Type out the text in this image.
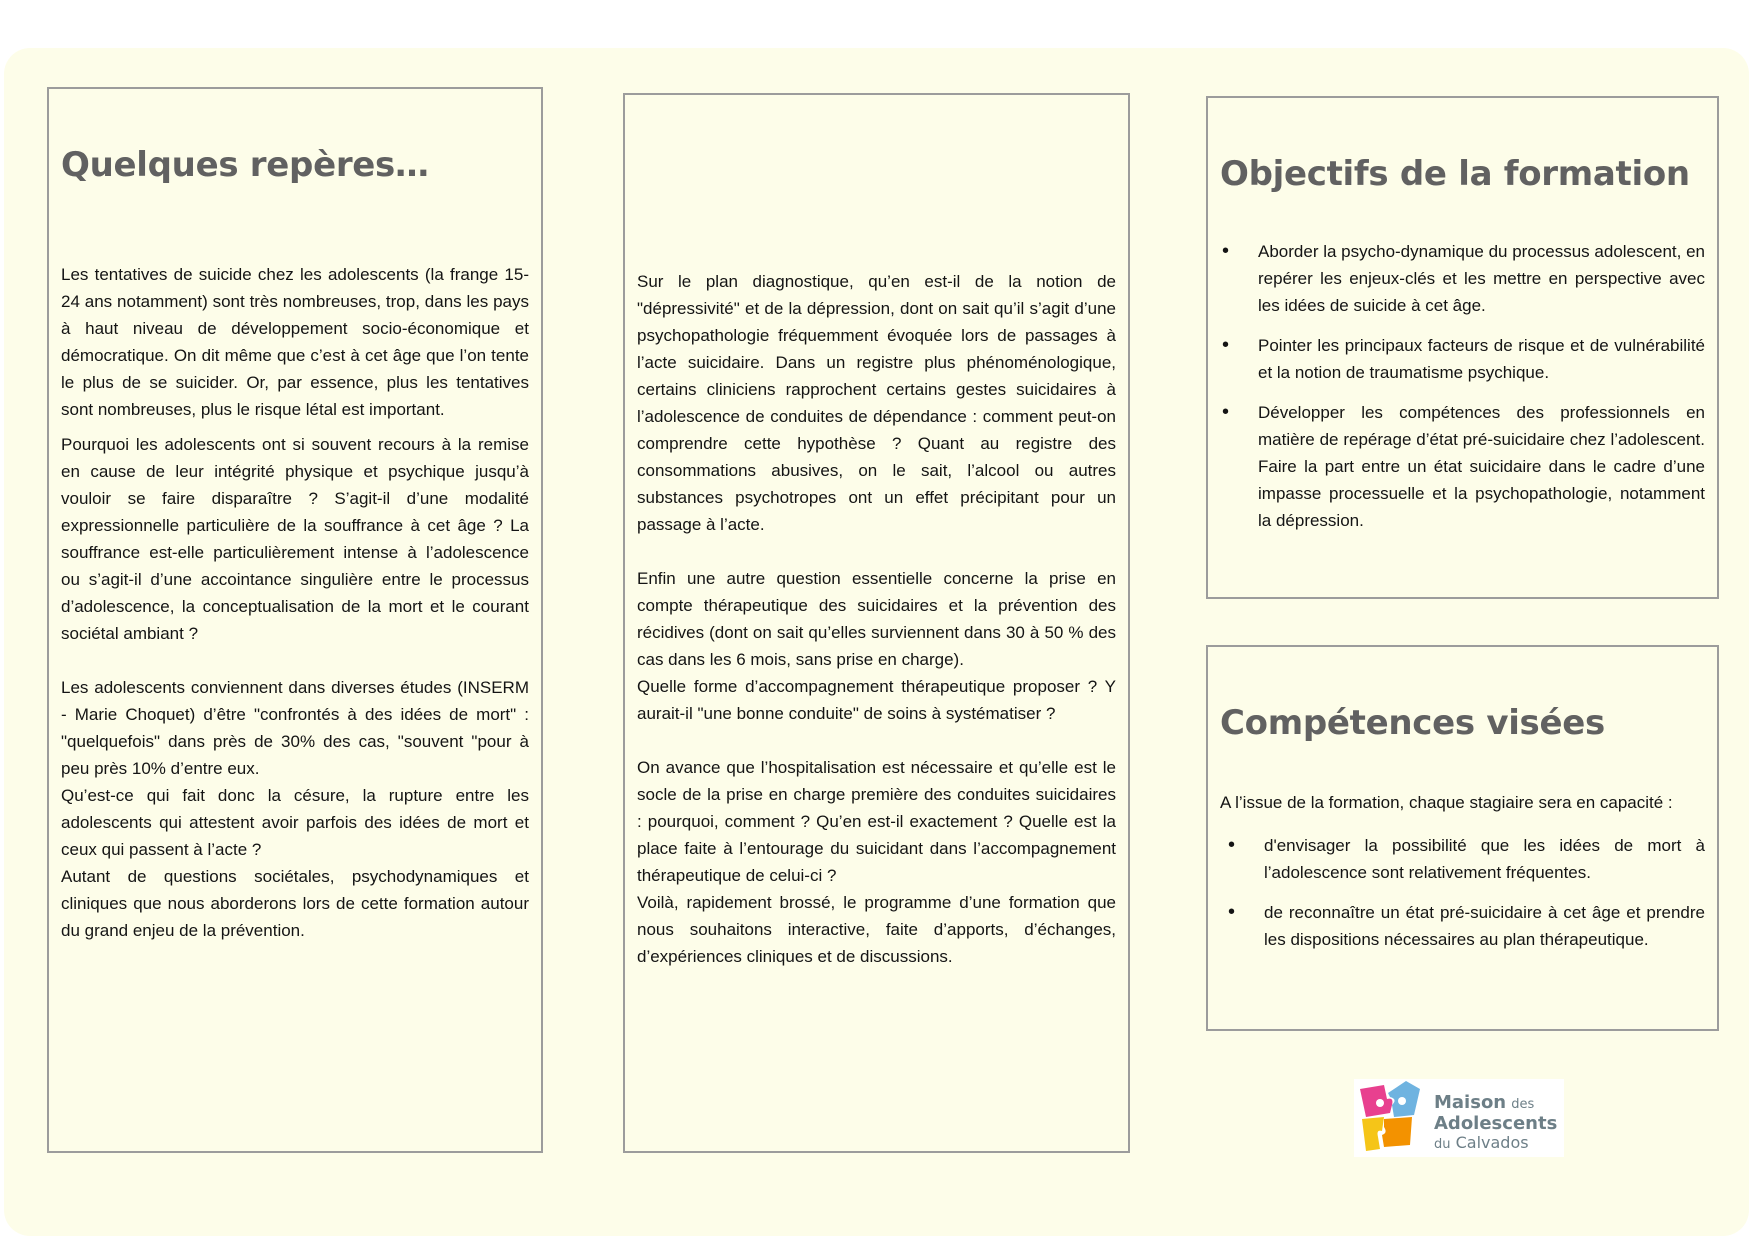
Quelques repères…

Les tentatives de suicide chez les adolescents (la frange 15-24 ans notamment) sont très nombreuses, trop, dans les pays à haut niveau de développement socio-économique et démocratique. On dit même que c’est à cet âge que l’on tente le plus de se suicider. Or, par essence, plus les tentatives sont nombreuses, plus le risque létal est important.

Pourquoi les adolescents ont si souvent recours à la remise en cause de leur intégrité physique et psychique jusqu’à vouloir se faire disparaître ? S’agit-il d’une modalité expressionnelle particulière de la souffrance à cet âge ? La souffrance est-elle particulièrement intense à l’adolescence ou s’agit-il d’une accointance singulière entre le processus d’adolescence, la conceptualisation de la mort et le courant sociétal ambiant ?

Les adolescents conviennent dans diverses études (INSERM - Marie Choquet) d’être "confrontés à des idées de mort" : "quelquefois" dans près de 30% des cas, "souvent "pour à peu près 10% d’entre eux.

Qu’est-ce qui fait donc la césure, la rupture entre les adolescents qui attestent avoir parfois des idées de mort et ceux qui passent à l’acte ?

Autant de questions sociétales, psychodynamiques et cliniques que nous aborderons lors de cette formation autour du grand enjeu de la prévention.

Sur le plan diagnostique, qu’en est-il de la notion de "dépressivité" et de la dépression, dont on sait qu’il s’agit d’une psychopathologie fréquemment évoquée lors de passages à l’acte suicidaire. Dans un registre plus phénoménologique, certains cliniciens rapprochent certains gestes suicidaires à l’adolescence de conduites de dépendance : comment peut-on comprendre cette hypothèse ? Quant au registre des consommations abusives, on le sait, l’alcool ou autres substances psychotropes ont un effet précipitant pour un passage à l’acte.

Enfin une autre question essentielle concerne la prise en compte thérapeutique des suicidaires et la prévention des récidives (dont on sait qu’elles surviennent dans 30 à 50 % des cas dans les 6 mois, sans prise en charge).

Quelle forme d’accompagnement thérapeutique proposer ? Y aurait-il "une bonne conduite" de soins à systématiser ?

On avance que l’hospitalisation est nécessaire et qu’elle est le socle de la prise en charge première des conduites suicidaires : pourquoi, comment ? Qu’en est-il exactement ? Quelle est la place faite à l’entourage du suicidant dans l’accompagnement thérapeutique de celui-ci ?

Voilà, rapidement brossé, le programme d’une formation que nous souhaitons interactive, faite d’apports, d’échanges, d’expériences cliniques et de discussions.

Objectifs de la formation
• Aborder la psycho-dynamique du processus adolescent, en repérer les enjeux-clés et les mettre en perspective avec les idées de suicide à cet âge.
• Pointer les principaux facteurs de risque et de vulnérabilité et la notion de traumatisme psychique.
• Développer les compétences des professionnels en matière de repérage d’état pré-suicidaire chez l’adolescent. Faire la part entre un état suicidaire dans le cadre d’une impasse processuelle et la psychopathologie, notamment la dépression.
Compétences visées
A l’issue de la formation, chaque stagiaire sera en capacité :
• d'envisager la possibilité que les idées de mort à l’adolescence sont relativement fréquentes.
• de reconnaître un état pré-suicidaire à cet âge et prendre les dispositions nécessaires au plan thérapeutique.
Maison des
Adolescents
du Calvados
